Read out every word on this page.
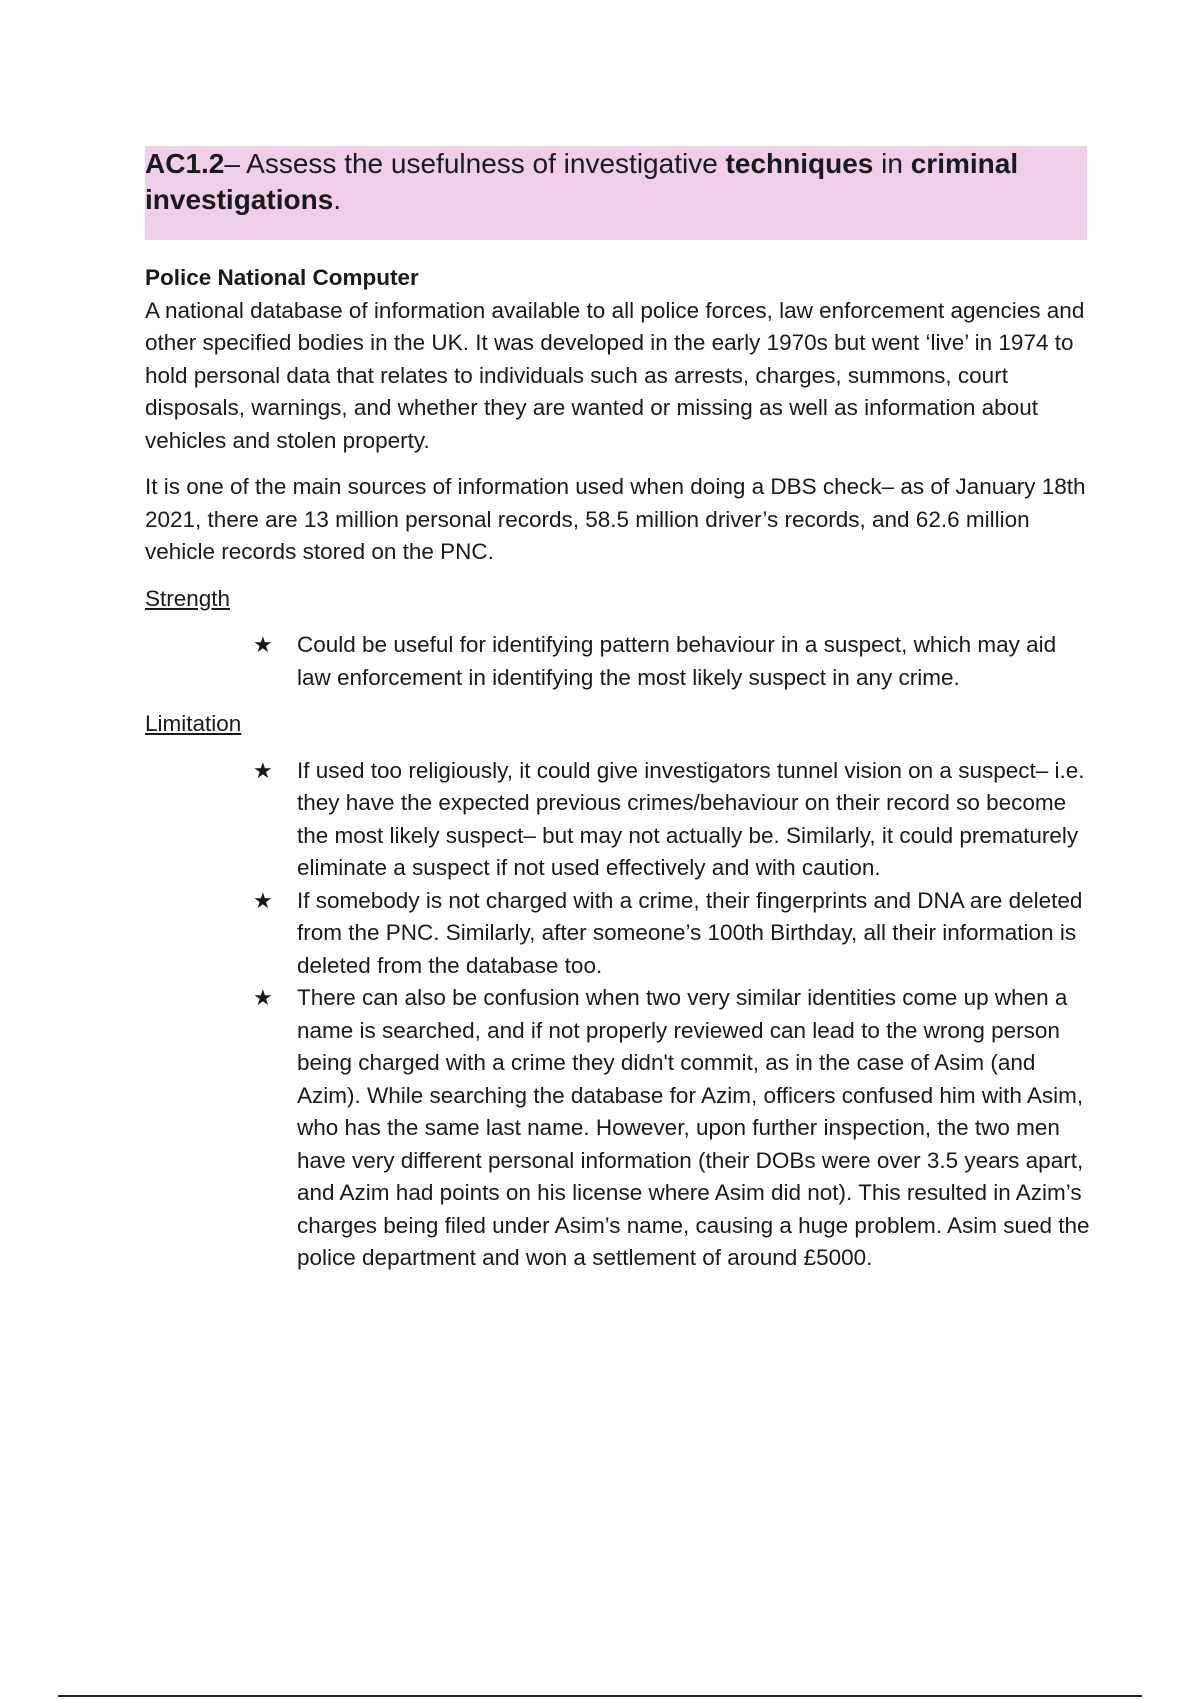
AC1.2– Assess the usefulness of investigative techniques in criminal investigations.

Police National Computer

A national database of information available to all police forces, law enforcement agencies and other specified bodies in the UK. It was developed in the early 1970s but went ‘live’ in 1974 to hold personal data that relates to individuals such as arrests, charges, summons, court disposals, warnings, and whether they are wanted or missing as well as information about vehicles and stolen property.

It is one of the main sources of information used when doing a DBS check– as of January 18th 2021, there are 13 million personal records, 58.5 million driver’s records, and 62.6 million vehicle records stored on the PNC.

Strength

★	Could be useful for identifying pattern behaviour in a suspect, which may aid law enforcement in identifying the most likely suspect in any crime.

Limitation

★	If used too religiously, it could give investigators tunnel vision on a suspect– i.e. they have the expected previous crimes/behaviour on their record so become the most likely suspect– but may not actually be. Similarly, it could prematurely eliminate a suspect if not used effectively and with caution.
★	If somebody is not charged with a crime, their fingerprints and DNA are deleted from the PNC. Similarly, after someone’s 100th Birthday, all their information is deleted from the database too.
★	There can also be confusion when two very similar identities come up when a name is searched, and if not properly reviewed can lead to the wrong person being charged with a crime they didn't commit, as in the case of Asim (and Azim). While searching the database for Azim, officers confused him with Asim, who has the same last name. However, upon further inspection, the two men have very different personal information (their DOBs were over 3.5 years apart, and Azim had points on his license where Asim did not). This resulted in Azim’s charges being filed under Asim’s name, causing a huge problem. Asim sued the police department and won a settlement of around £5000.
